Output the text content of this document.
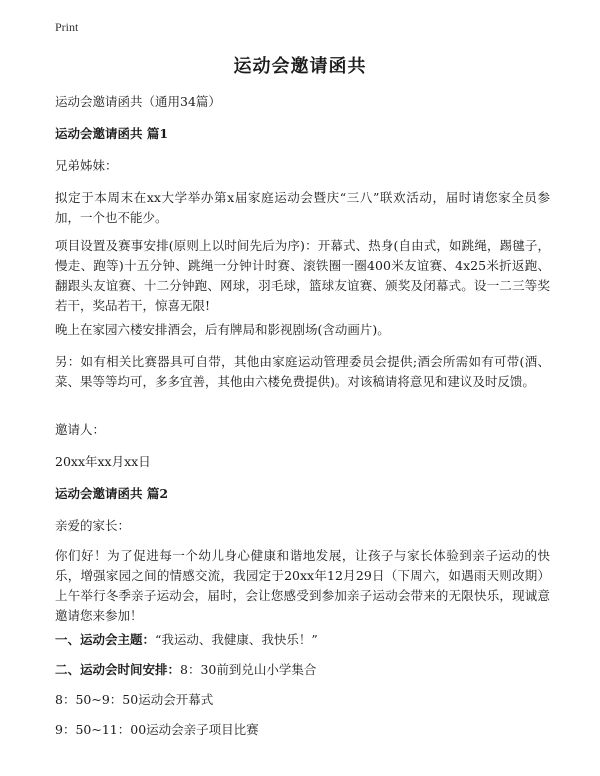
Print
运动会邀请函共
运动会邀请函共（通用34篇）
运动会邀请函共 篇1
兄弟姊妹：
拟定于本周末在xx大学举办第x届家庭运动会暨庆“三八”联欢活动，届时请您家全员参加，一个也不能少。
项目设置及赛事安排(原则上以时间先后为序)：开幕式、热身(自由式，如跳绳，踢毽子，慢走、跑等)十五分钟、跳绳一分钟计时赛、滚铁圈一圈400米友谊赛、4x25米折返跑、翻跟头友谊赛、十二分钟跑、网球，羽毛球，篮球友谊赛、颁奖及闭幕式。设一二三等奖若干，奖品若干，惊喜无限!
晚上在家园六楼安排酒会，后有牌局和影视剧场(含动画片)。
另：如有相关比赛器具可自带，其他由家庭运动管理委员会提供;酒会所需如有可带(酒、菜、果等等均可，多多宜善，其他由六楼免费提供)。对该稿请将意见和建议及时反馈。
邀请人：
20xx年xx月xx日
运动会邀请函共 篇2
亲爱的家长：
你们好！为了促进每一个幼儿身心健康和谐地发展，让孩子与家长体验到亲子运动的快乐，增强家园之间的情感交流，我园定于20xx年12月29日（下周六，如遇雨天则改期）上午举行冬季亲子运动会，届时，会让您感受到参加亲子运动会带来的无限快乐，现诚意邀请您来参加！
一、运动会主题：“我运动、我健康、我快乐！”
二、运动会时间安排：8：30前到兑山小学集合
8：50~9：50运动会开幕式
9：50~11：00运动会亲子项目比赛
